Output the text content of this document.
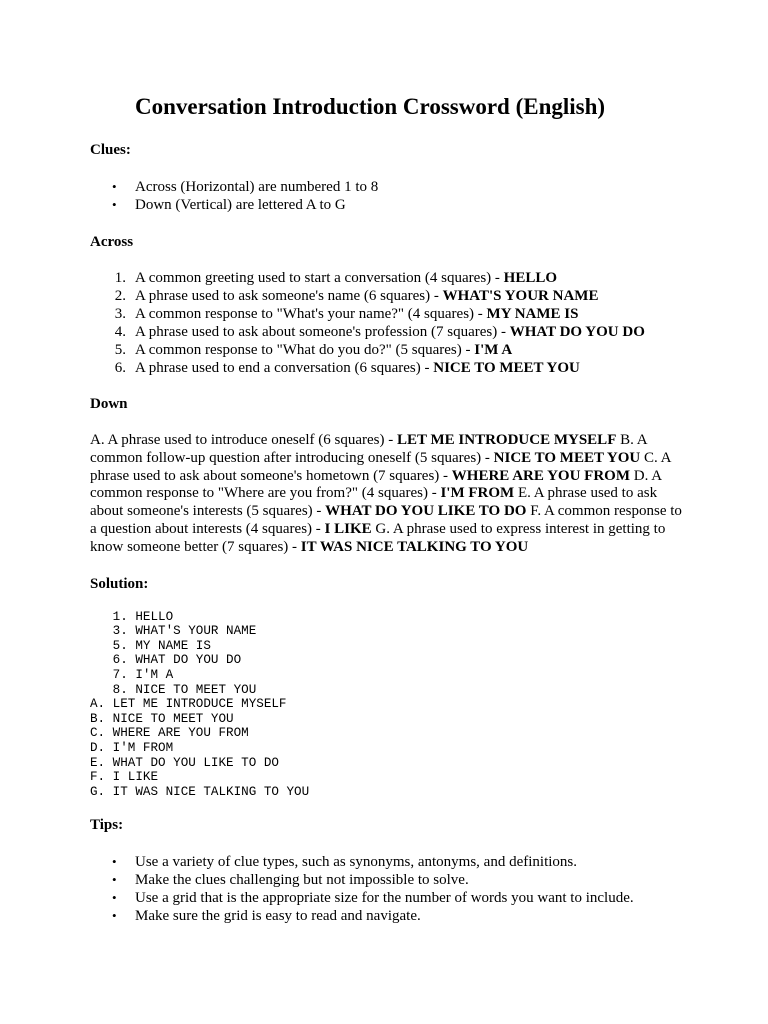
Conversation Introduction Crossword (English)

Clues:

• Across (Horizontal) are numbered 1 to 8
• Down (Vertical) are lettered A to G

Across

1. A common greeting used to start a conversation (4 squares) - HELLO
2. A phrase used to ask someone's name (6 squares) - WHAT'S YOUR NAME
3. A common response to "What's your name?" (4 squares) - MY NAME IS
4. A phrase used to ask about someone's profession (7 squares) - WHAT DO YOU DO
5. A common response to "What do you do?" (5 squares) - I'M A
6. A phrase used to end a conversation (6 squares) - NICE TO MEET YOU

Down

A. A phrase used to introduce oneself (6 squares) - LET ME INTRODUCE MYSELF B. A common follow-up question after introducing oneself (5 squares) - NICE TO MEET YOU C. A phrase used to ask about someone's hometown (7 squares) - WHERE ARE YOU FROM D. A common response to "Where are you from?" (4 squares) - I'M FROM E. A phrase used to ask about someone's interests (5 squares) - WHAT DO YOU LIKE TO DO F. A common response to a question about interests (4 squares) - I LIKE G. A phrase used to express interest in getting to know someone better (7 squares) - IT WAS NICE TALKING TO YOU

Solution:

1. HELLO
3. WHAT'S YOUR NAME
5. MY NAME IS
6. WHAT DO YOU DO
7. I'M A
8. NICE TO MEET YOU
A. LET ME INTRODUCE MYSELF
B. NICE TO MEET YOU
C. WHERE ARE YOU FROM
D. I'M FROM
E. WHAT DO YOU LIKE TO DO
F. I LIKE
G. IT WAS NICE TALKING TO YOU

Tips:

• Use a variety of clue types, such as synonyms, antonyms, and definitions.
• Make the clues challenging but not impossible to solve.
• Use a grid that is the appropriate size for the number of words you want to include.
• Make sure the grid is easy to read and navigate.
